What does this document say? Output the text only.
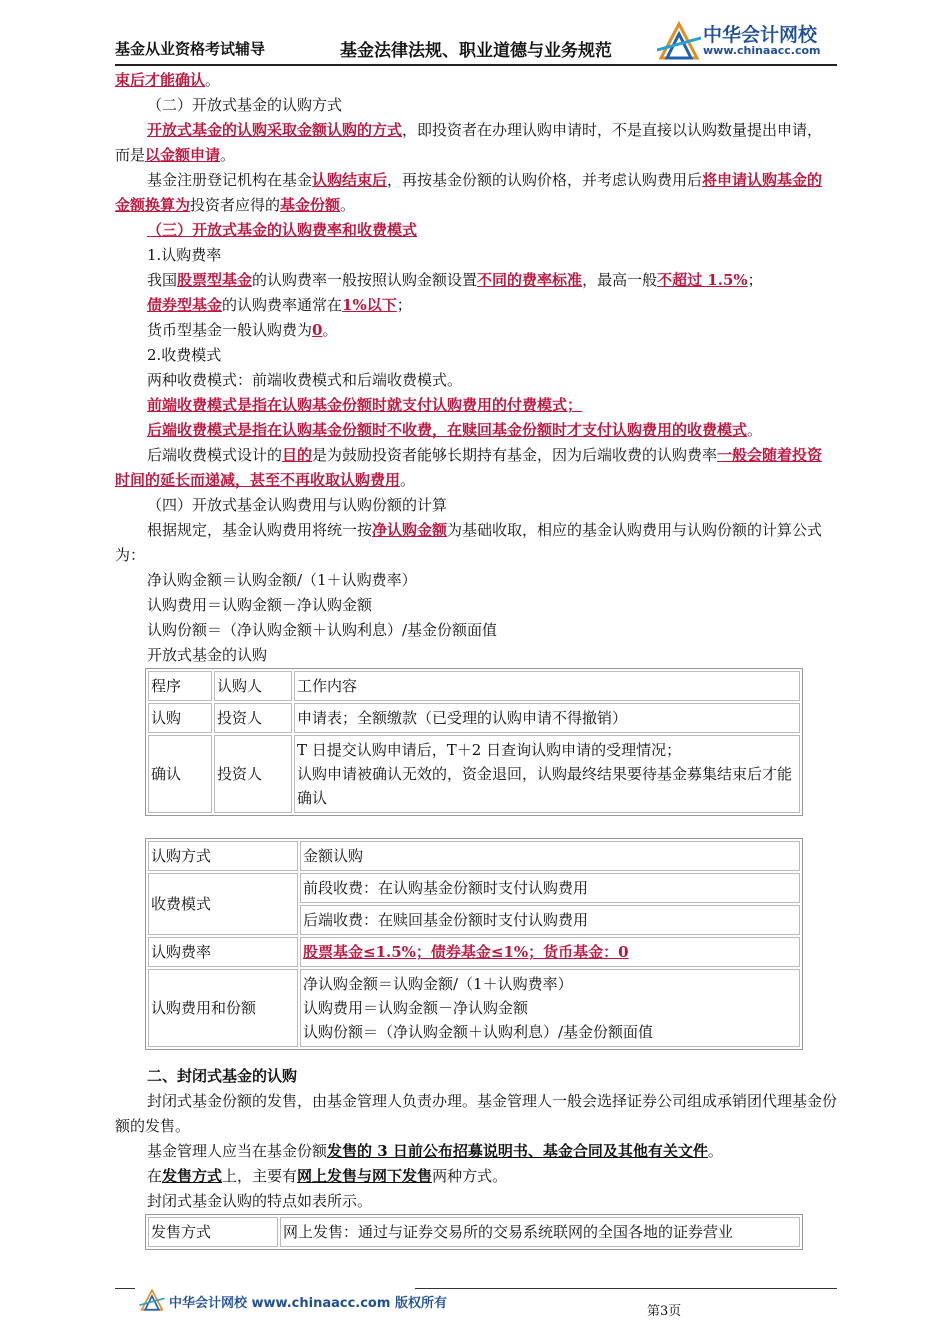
基金从业资格考试辅导	基金法律法规、职业道德与业务规范
中华会计网校
www.chinaacc.com

束后才能确认。

（二）开放式基金的认购方式

开放式基金的认购采取金额认购的方式，即投资者在办理认购申请时，不是直接以认购数量提出申请，而是以金额申请。

基金注册登记机构在基金认购结束后，再按基金份额的认购价格，并考虑认购费用后将申请认购基金的金额换算为投资者应得的基金份额。

（三）开放式基金的认购费率和收费模式

1.认购费率

我国股票型基金的认购费率一般按照认购金额设置不同的费率标准，最高一般不超过 1.5%；

债券型基金的认购费率通常在1%以下；

货币型基金一般认购费为0。

2.收费模式

两种收费模式：前端收费模式和后端收费模式。

前端收费模式是指在认购基金份额时就支付认购费用的付费模式；

后端收费模式是指在认购基金份额时不收费，在赎回基金份额时才支付认购费用的收费模式。

后端收费模式设计的目的是为鼓励投资者能够长期持有基金，因为后端收费的认购费率一般会随着投资时间的延长而递减，甚至不再收取认购费用。

（四）开放式基金认购费用与认购份额的计算

根据规定，基金认购费用将统一按净认购金额为基础收取，相应的基金认购费用与认购份额的计算公式为：

净认购金额＝认购金额/（1＋认购费率）

认购费用＝认购金额－净认购金额

认购份额＝（净认购金额＋认购利息）/基金份额面值

开放式基金的认购

程序	认购人	工作内容
认购	投资人	申请表；全额缴款（已受理的认购申请不得撤销）
确认	投资人	T 日提交认购申请后，T＋2 日查询认购申请的受理情况；
认购申请被确认无效的，资金退回，认购最终结果要待基金募集结束后才能确认
认购方式	金额认购
收费模式	前段收费：在认购基金份额时支付认购费用
	后端收费：在赎回基金份额时支付认购费用
认购费率	股票基金≤1.5%；债券基金≤1%；货币基金：0
认购费用和份额	净认购金额＝认购金额/（1＋认购费率）
认购费用＝认购金额－净认购金额
认购份额＝（净认购金额＋认购利息）/基金份额面值

二、封闭式基金的认购

封闭式基金份额的发售，由基金管理人负责办理。基金管理人一般会选择证券公司组成承销团代理基金份额的发售。

基金管理人应当在基金份额发售的 3 日前公布招募说明书、基金合同及其他有关文件。

在发售方式上，主要有网上发售与网下发售两种方式。

封闭式基金认购的特点如表所示。

发售方式	网上发售：通过与证券交易所的交易系统联网的全国各地的证券营业
中华会计网校 www.chinaacc.com 版权所有
第3页
